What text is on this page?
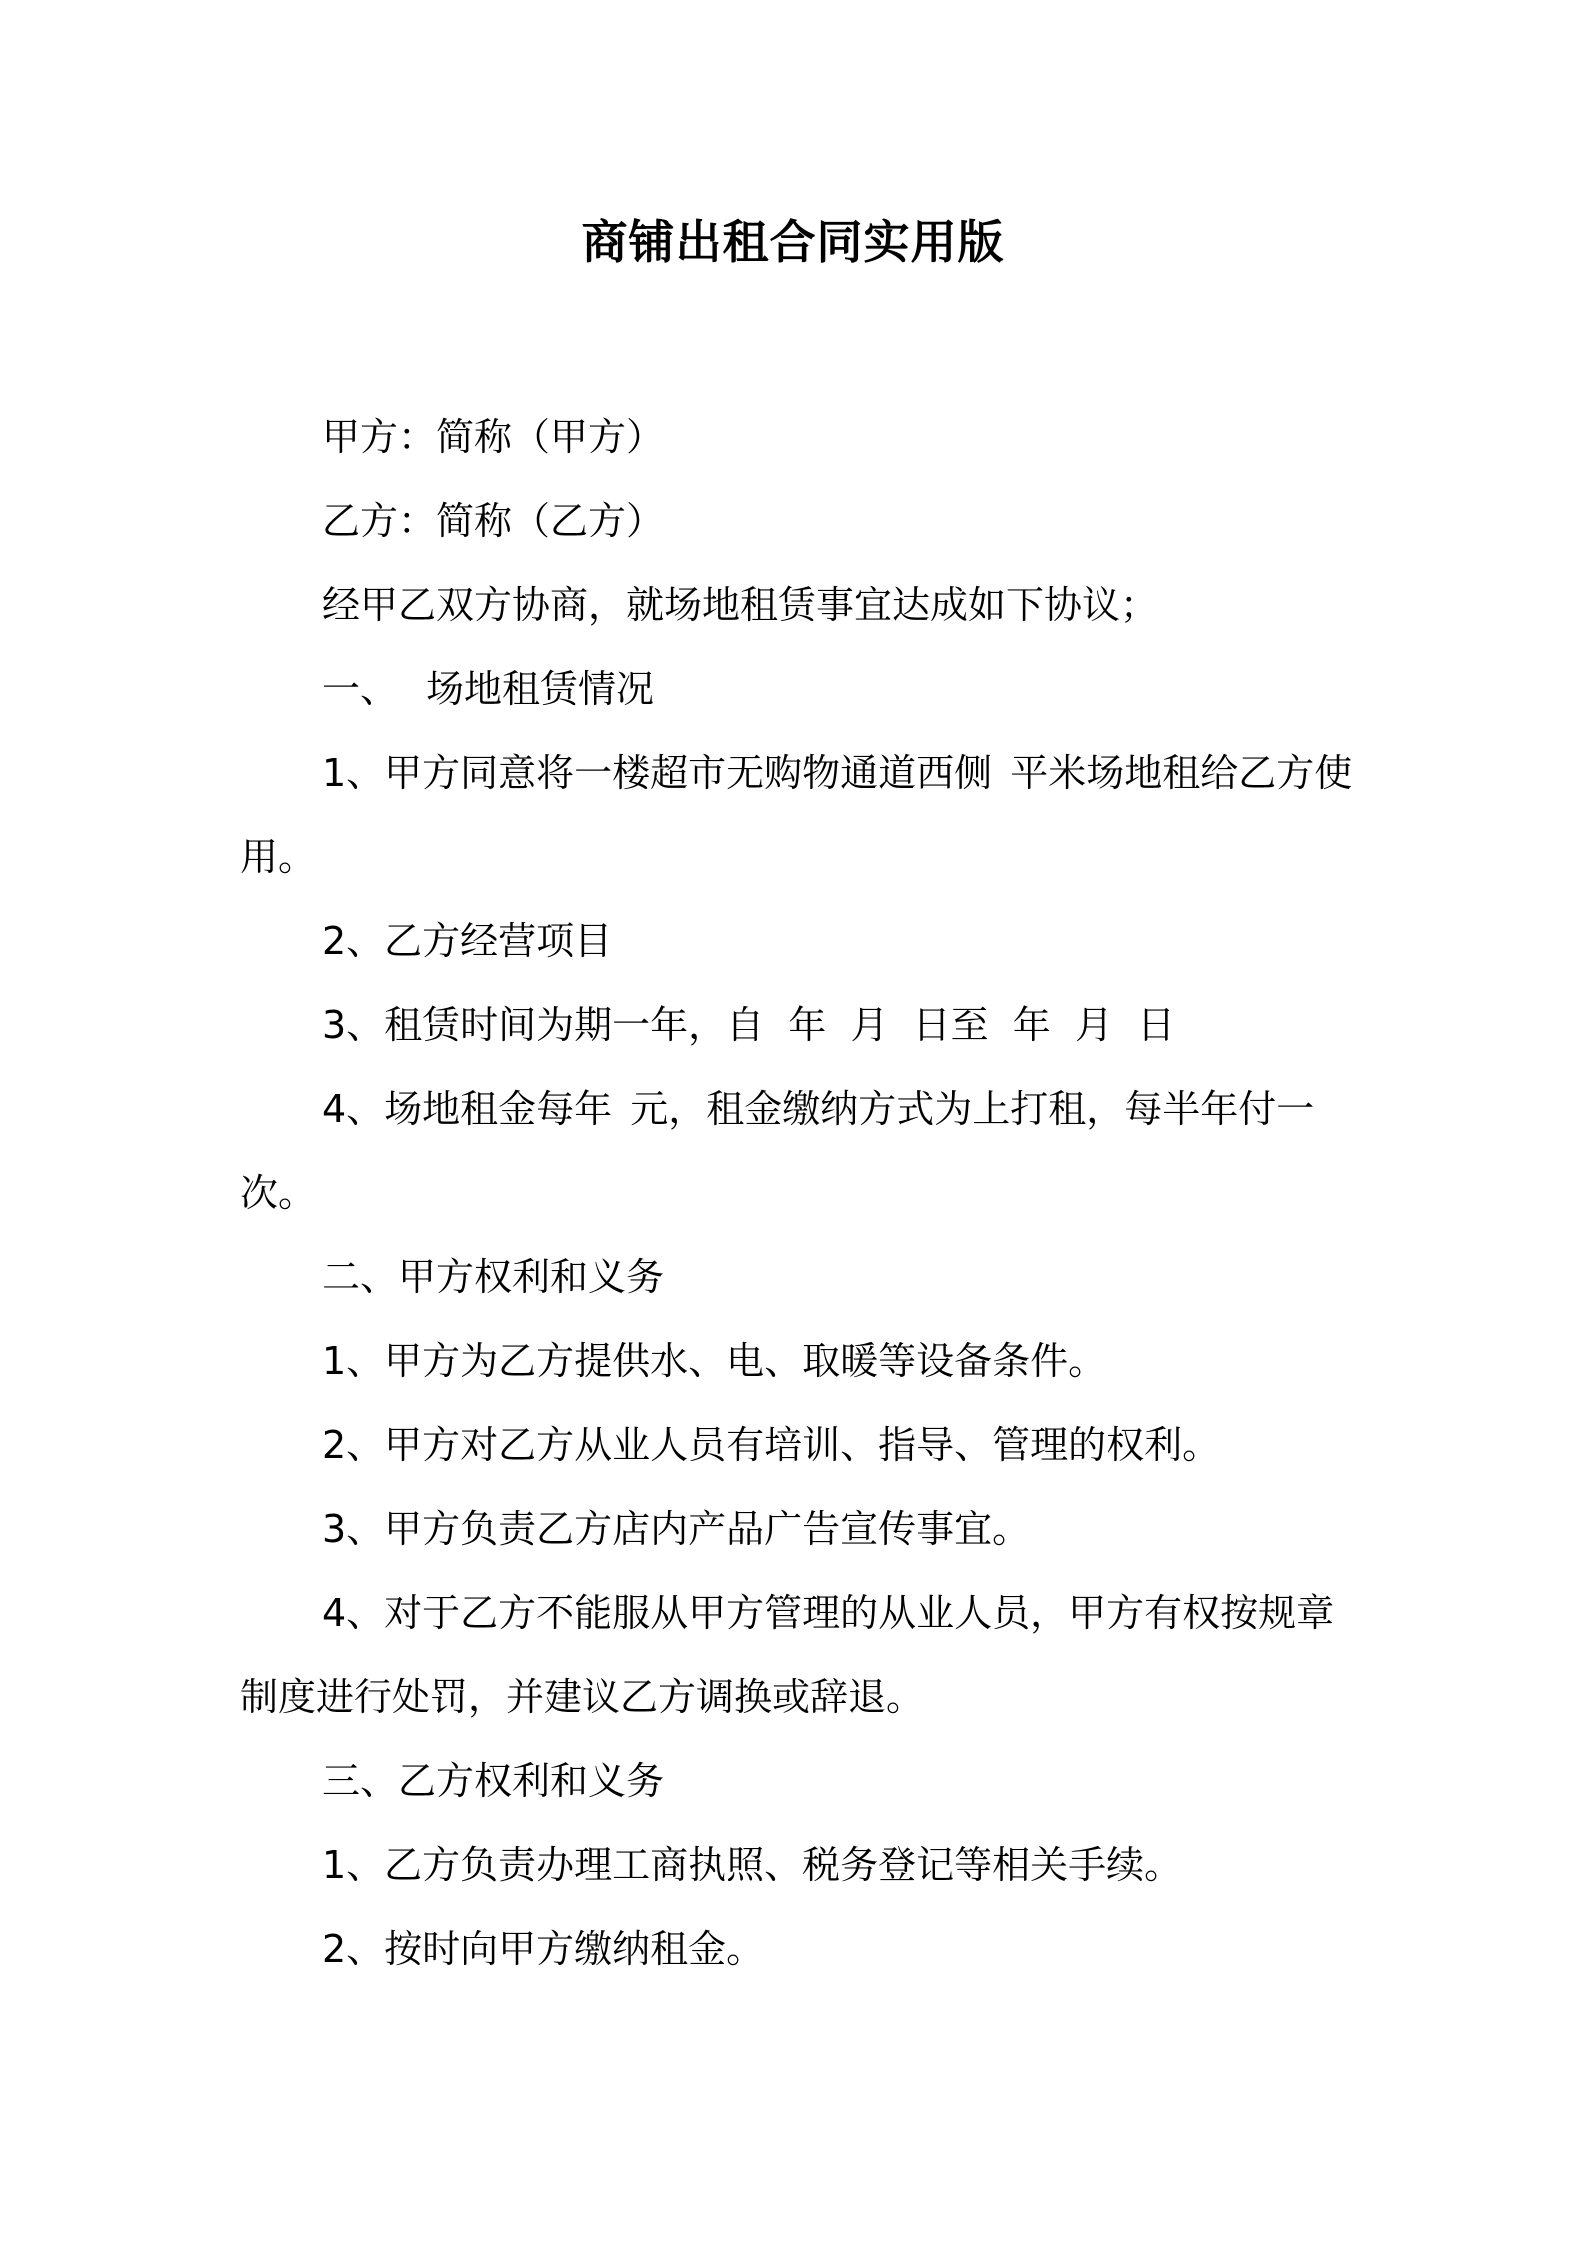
商铺出租合同实用版
甲方：简称（甲方）
乙方：简称（乙方）
经甲乙双方协商，就场地租赁事宜达成如下协议；
一、 场地租赁情况
1、甲方同意将一楼超市无购物通道西侧 平米场地租给乙方使用。
2、乙方经营项目
3、租赁时间为期一年，自  年  月  日至  年  月  日
4、场地租金每年 元，租金缴纳方式为上打租，每半年付一次。
二、甲方权利和义务
1、甲方为乙方提供水、电、取暖等设备条件。
2、甲方对乙方从业人员有培训、指导、管理的权利。
3、甲方负责乙方店内产品广告宣传事宜。
4、对于乙方不能服从甲方管理的从业人员，甲方有权按规章制度进行处罚，并建议乙方调换或辞退。
三、乙方权利和义务
1、乙方负责办理工商执照、税务登记等相关手续。
2、按时向甲方缴纳租金。
